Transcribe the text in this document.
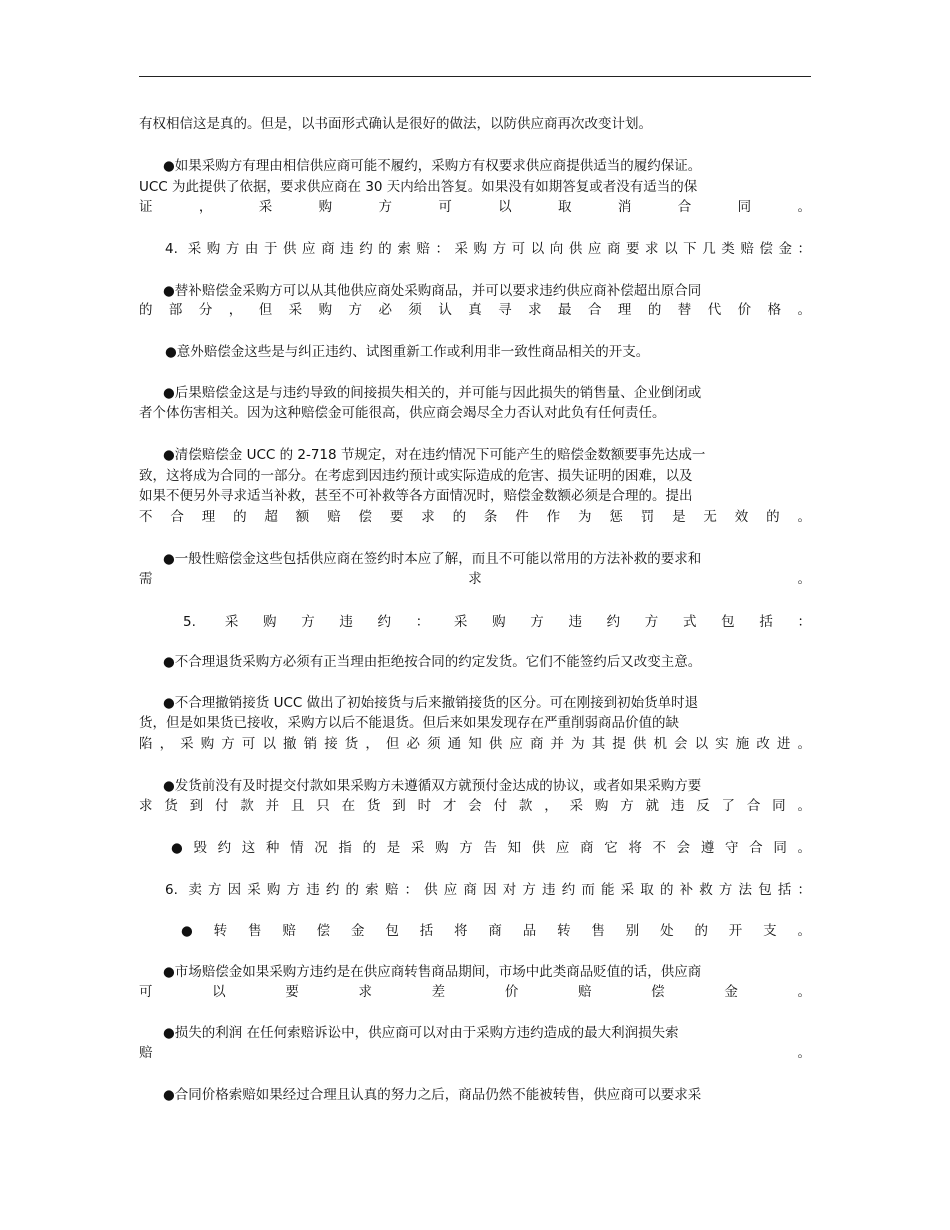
有权相信这是真的。但是，以书面形式确认是很好的做法，以防供应商再次改变计划。
●如果采购方有理由相信供应商可能不履约，采购方有权要求供应商提供适当的履约保证。
UCC 为此提供了依据，要求供应商在 30 天内给出答复。如果没有如期答复或者没有适当的保
证，采购方可以取消合同。
4. 采购方由于供应商违约的索赔：采购方可以向供应商要求以下几类赔偿金：
●替补赔偿金采购方可以从其他供应商处采购商品，并可以要求违约供应商补偿超出原合同
的部分，但采购方必须认真寻求最合理的替代价格。
●意外赔偿金这些是与纠正违约、试图重新工作或利用非一致性商品相关的开支。
●后果赔偿金这是与违约导致的间接损失相关的，并可能与因此损失的销售量、企业倒闭或
者个体伤害相关。因为这种赔偿金可能很高，供应商会竭尽全力否认对此负有任何责任。
●清偿赔偿金 UCC 的 2-718 节规定，对在违约情况下可能产生的赔偿金数额要事先达成一
致，这将成为合同的一部分。在考虑到因违约预计或实际造成的危害、损失证明的困难，以及
如果不便另外寻求适当补救，甚至不可补救等各方面情况时，赔偿金数额必须是合理的。提出
不合理的超额赔偿要求的条件作为惩罚是无效的。
●一般性赔偿金这些包括供应商在签约时本应了解，而且不可能以常用的方法补救的要求和
需求。
5. 采购方违约：采购方违约方式包括：
●不合理退货采购方必须有正当理由拒绝按合同的约定发货。它们不能签约后又改变主意。
●不合理撤销接货 UCC 做出了初始接货与后来撤销接货的区分。可在刚接到初始货单时退
货，但是如果货已接收，采购方以后不能退货。但后来如果发现存在严重削弱商品价值的缺
陷，采购方可以撤销接货，但必须通知供应商并为其提供机会以实施改进。
●发货前没有及时提交付款如果采购方未遵循双方就预付金达成的协议，或者如果采购方要
求货到付款并且只在货到时才会付款，采购方就违反了合同。
●毁约这种情况指的是采购方告知供应商它将不会遵守合同。
6. 卖方因采购方违约的索赔：供应商因对方违约而能采取的补救方法包括：
●转售赔偿金包括将商品转售别处的开支。
●市场赔偿金如果采购方违约是在供应商转售商品期间，市场中此类商品贬值的话，供应商
可以要求差价赔偿金。
●损失的利润 在任何索赔诉讼中，供应商可以对由于采购方违约造成的最大利润损失索
赔。
●合同价格索赔如果经过合理且认真的努力之后，商品仍然不能被转售，供应商可以要求采
